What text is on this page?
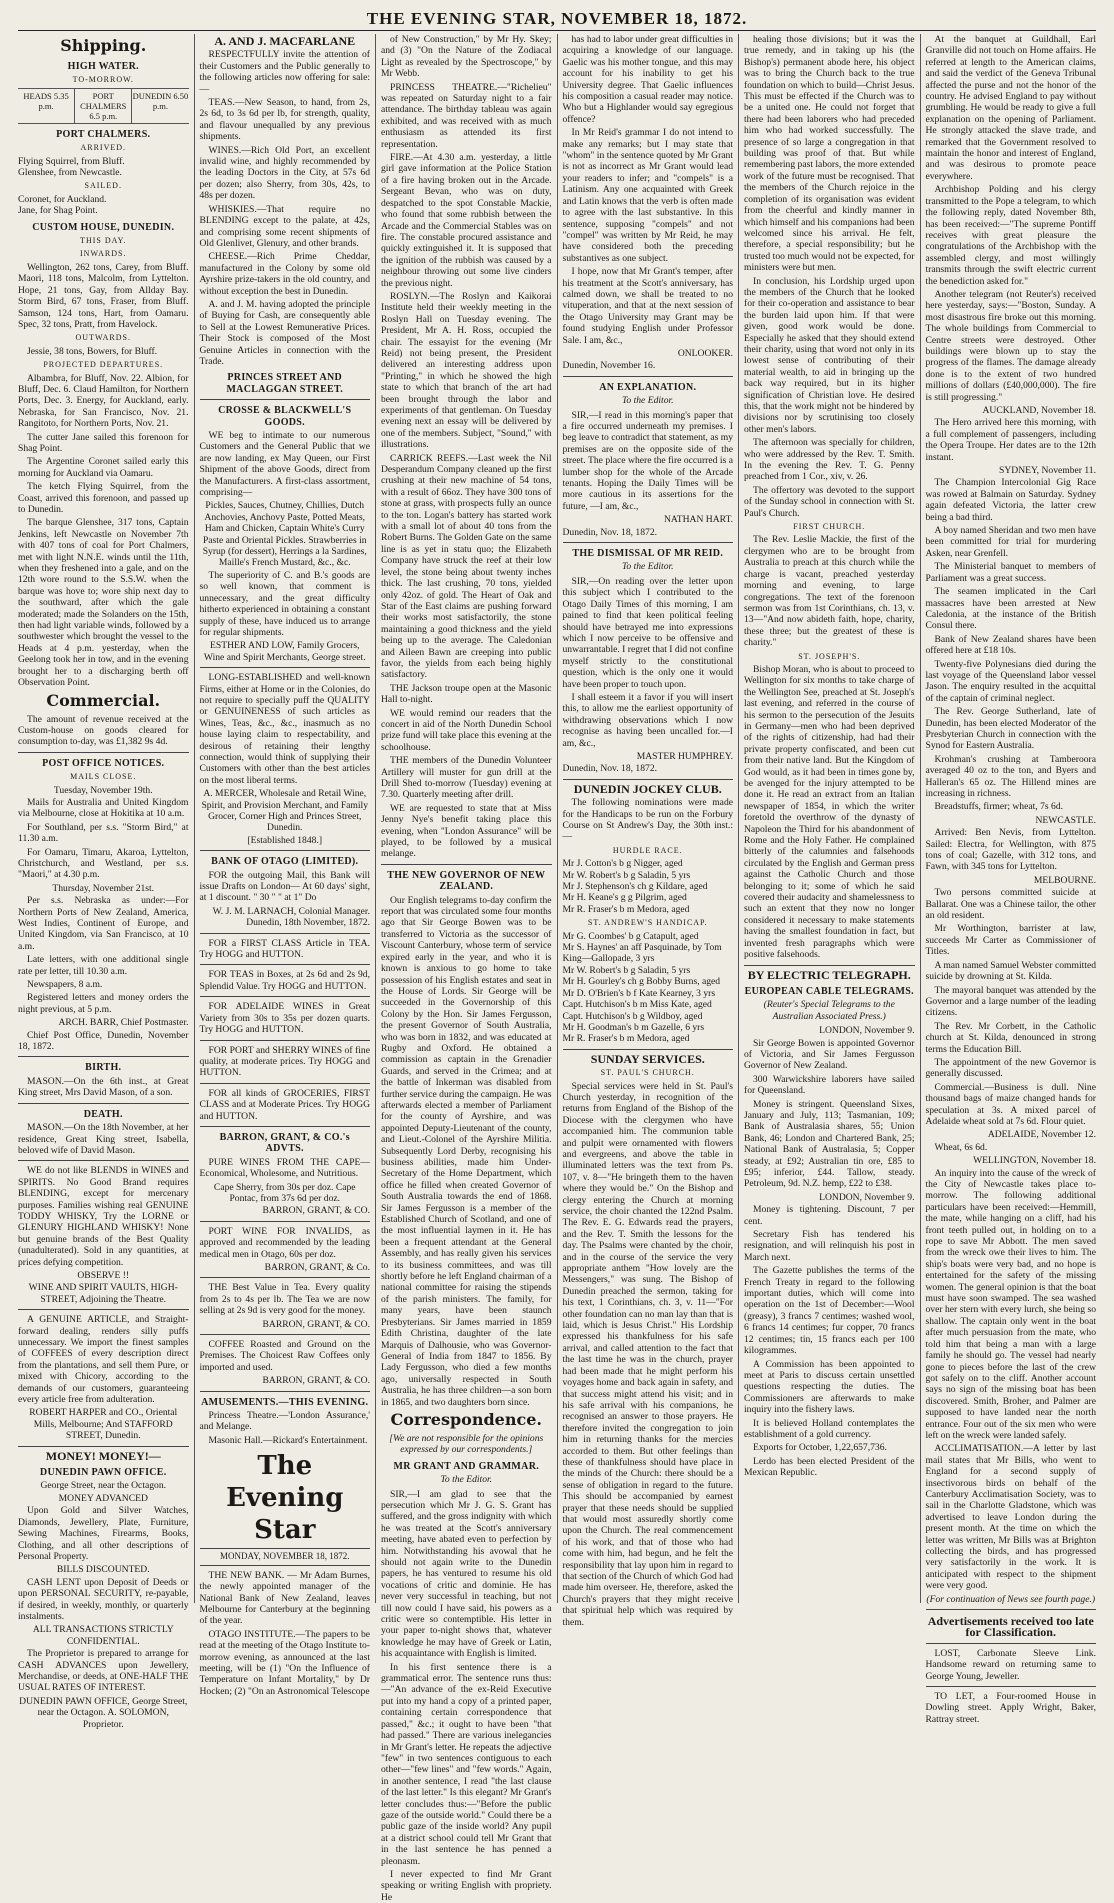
THE EVENING STAR, NOVEMBER 18, 1872.
Shipping.
HIGH WATER.
TO-MORROW.
HEADS 5.35 p.m.
PORT CHALMERS 6.5 p.m.
DUNEDIN 6.50 p.m.
PORT CHALMERS.
ARRIVED.
Flying Squirrel, from Bluff.
Glenshee, from Newcastle.
SAILED.
Coronet, for Auckland.
Jane, for Shag Point.
CUSTOM HOUSE, DUNEDIN.
THIS DAY.
INWARDS.

Wellington, 262 tons, Carey, from Bluff. Maori, 118 tons, Malcolm, from Lyttelton. Hope, 21 tons, Gay, from Allday Bay. Storm Bird, 67 tons, Fraser, from Bluff. Samson, 124 tons, Hart, from Oamaru. Spec, 32 tons, Pratt, from Havelock.

OUTWARDS.

Jessie, 38 tons, Bowers, for Bluff.

PROJECTED DEPARTURES.

Albambra, for Bluff, Nov. 22. Albion, for Bluff, Dec. 6. Claud Hamilton, for Northern Ports, Dec. 3. Energy, for Auckland, early. Nebraska, for San Francisco, Nov. 21. Rangitoto, for Northern Ports, Nov. 21.

The cutter Jane sailed this forenoon for Shag Point.

The Argentine Coronet sailed early this morning for Auckland via Oamaru.

The ketch Flying Squirrel, from the Coast, arrived this forenoon, and passed up to Dunedin.

The barque Glenshee, 317 tons, Captain Jenkins, left Newcastle on November 7th with 407 tons of coal for Port Chalmers, met with light N.N.E. winds until the 11th, when they freshened into a gale, and on the 12th wore round to the S.S.W. when the barque was hove to; wore ship next day to the southward, after which the gale moderated; made the Solanders on the 15th, then had light variable winds, followed by a southwester which brought the vessel to the Heads at 4 p.m. yesterday, when the Geelong took her in tow, and in the evening brought her to a discharging berth off Observation Point.

Commercial.

The amount of revenue received at the Custom-house on goods cleared for consumption to-day, was £1,382 9s 4d.

POST OFFICE NOTICES.
MAILS CLOSE.
Tuesday, November 19th.

Mails for Australia and United Kingdom via Melbourne, close at Hokitika at 10 a.m.

For Southland, per s.s. "Storm Bird," at 11.30 a.m.

For Oamaru, Timaru, Akaroa, Lyttelton, Christchurch, and Westland, per s.s. "Maori," at 4.30 p.m.

Thursday, November 21st.

Per s.s. Nebraska as under:—For Northern Ports of New Zealand, America, West Indies, Continent of Europe, and United Kingdom, via San Francisco, at 10 a.m.

Late letters, with one additional single rate per letter, till 10.30 a.m.

Newspapers, 8 a.m.

Registered letters and money orders the night previous, at 5 p.m.

ARCH. BARR, Chief Postmaster.

Chief Post Office, Dunedin, November 18, 1872.

BIRTH.

MASON.—On the 6th inst., at Great King street, Mrs David Mason, of a son.

DEATH.

MASON.—On the 18th November, at her residence, Great King street, Isabella, beloved wife of David Mason.

WE do not like BLENDS in WINES and SPIRITS. No Good Brand requires BLENDING, except for mercenary purposes. Families wishing real GENUINE TODDY WHISKY, Try the LORNE or GLENURY HIGHLAND WHISKY! None but genuine brands of the Best Quality (unadulterated). Sold in any quantities, at prices defying competition.

OBSERVE !!
WINE AND SPIRIT VAULTS, HIGH-STREET, Adjoining the Theatre.

A GENUINE ARTICLE, and Straight-forward dealing, renders silly puffs unnecessary. We import the finest samples of COFFEES of every description direct from the plantations, and sell them Pure, or mixed with Chicory, according to the demands of our customers, guaranteeing every article free from adulteration.

ROBERT HARPER and CO., Oriental Mills, Melbourne; And STAFFORD STREET, Dunedin.
MONEY! MONEY!—
DUNEDIN PAWN OFFICE.
George Street, near the Octagon.
MONEY ADVANCED

Upon Gold and Silver Watches, Diamonds, Jewellery, Plate, Furniture, Sewing Machines, Firearms, Books, Clothing, and all other descriptions of Personal Property.

BILLS DISCOUNTED.

CASH LENT upon Deposit of Deeds or upon PERSONAL SECURITY, re-payable, if desired, in weekly, monthly, or quarterly instalments.

ALL TRANSACTIONS STRICTLY CONFIDENTIAL.

The Proprietor is prepared to arrange for CASH ADVANCES upon Jewellery, Merchandise, or deeds, at ONE-HALF THE USUAL RATES OF INTEREST.

DUNEDIN PAWN OFFICE, George Street, near the Octagon. A. SOLOMON, Proprietor.
A. AND J. MACFARLANE

RESPECTFULLY invite the attention of their Customers and the Public generally to the following articles now offering for sale:—

TEAS.—New Season, to hand, from 2s, 2s 6d, to 3s 6d per lb, for strength, quality, and flavour unequalled by any previous shipments.

WINES.—Rich Old Port, an excellent invalid wine, and highly recommended by the leading Doctors in the City, at 57s 6d per dozen; also Sherry, from 30s, 42s, to 48s per dozen.

WHISKIES.—That require no BLENDING except to the palate, at 42s, and comprising some recent shipments of Old Glenlivet, Glenury, and other brands.

CHEESE.—Rich Prime Cheddar, manufactured in the Colony by some old Ayrshire prize-takers in the old country, and without exception the best in Dunedin.

A. and J. M. having adopted the principle of Buying for Cash, are consequently able to Sell at the Lowest Remunerative Prices. Their Stock is composed of the Most Genuine Articles in connection with the Trade.

PRINCES STREET AND MACLAGGAN STREET.
CROSSE & BLACKWELL'S GOODS.

WE beg to intimate to our numerous Customers and the General Public that we are now landing, ex May Queen, our First Shipment of the above Goods, direct from the Manufacturers. A first-class assortment, comprising—

Pickles, Sauces, Chutney, Chillies, Dutch Anchovies, Anchovy Paste, Potted Meats, Ham and Chicken, Captain White's Curry Paste and Oriental Pickles. Strawberries in Syrup (for dessert), Herrings a la Sardines, Maille's French Mustard, &c., &c.

The superiority of C. and B.'s goods are so well known, that comment is unnecessary, and the great difficulty hitherto experienced in obtaining a constant supply of these, have induced us to arrange for regular shipments.

ESTHER AND LOW, Family Grocers, Wine and Spirit Merchants, George street.

LONG-ESTABLISHED and well-known Firms, either at Home or in the Colonies, do not require to specially puff the QUALITY or GENUINENESS of such articles as Wines, Teas, &c., &c., inasmuch as no house laying claim to respectability, and desirous of retaining their lengthy connection, would think of supplying their Customers with other than the best articles on the most liberal terms.

A. MERCER, Wholesale and Retail Wine, Spirit, and Provision Merchant, and Family Grocer, Corner High and Princes Street, Dunedin.
[Established 1848.]
BANK OF OTAGO (LIMITED).

FOR the outgoing Mail, this Bank will issue Drafts on London— At 60 days' sight, at 1 discount. " 30 " " at 1" Do

W. J. M. LARNACH, Colonial Manager. Dunedin, 18th November, 1872.

FOR a FIRST CLASS Article in TEA. Try HOGG and HUTTON.

FOR TEAS in Boxes, at 2s 6d and 2s 9d, Splendid Value. Try HOGG and HUTTON.

FOR ADELAIDE WINES in Great Variety from 30s to 35s per dozen quarts. Try HOGG and HUTTON.

FOR PORT and SHERRY WINES of fine quality, at moderate prices. Try HOGG and HUTTON.

FOR all kinds of GROCERIES, FIRST CLASS and at Moderate Prices. Try HOGG and HUTTON.

BARRON, GRANT, & CO.'s ADVTS.

PURE WINES FROM THE CAPE—Economical, Wholesome, and Nutritious.

Cape Sherry, from 30s per doz. Cape Pontac, from 37s 6d per doz.
BARRON, GRANT, & CO.

PORT WINE FOR INVALIDS, as approved and recommended by the leading medical men in Otago, 60s per doz.

BARRON, GRANT, & Co.

THE Best Value in Tea. Every quality from 2s to 4s per lb. The Tea we are now selling at 2s 9d is very good for the money.

BARRON, GRANT, & CO.

COFFEE Roasted and Ground on the Premises. The Choicest Raw Coffees only imported and used.

BARRON, GRANT, & CO.
AMUSEMENTS.—THIS EVENING.

Princess Theatre.—'London Assurance,' and Melange.

Masonic Hall.—Rickard's Entertainment.

The Evening Star
MONDAY, NOVEMBER 18, 1872.

THE NEW BANK. — Mr Adam Burnes, the newly appointed manager of the National Bank of New Zealand, leaves Melbourne for Canterbury at the beginning of the year.

OTAGO INSTITUTE.—The papers to be read at the meeting of the Otago Institute to-morrow evening, as announced at the last meeting, will be (1) "On the Influence of Temperature on Infant Mortality," by Dr Hocken; (2) "On an Astronomical Telescope

of New Construction," by Mr Hy. Skey; and (3) "On the Nature of the Zodiacal Light as revealed by the Spectroscope," by Mr Webb.

PRINCESS THEATRE.—"Richelieu" was repeated on Saturday night to a fair attendance. The birthday tableau was again exhibited, and was received with as much enthusiasm as attended its first representation.

FIRE.—At 4.30 a.m. yesterday, a little girl gave information at the Police Station of a fire having broken out in the Arcade. Sergeant Bevan, who was on duty, despatched to the spot Constable Mackie, who found that some rubbish between the Arcade and the Commercial Stables was on fire. The constable procured assistance and quickly extinguished it. It is supposed that the ignition of the rubbish was caused by a neighbour throwing out some live cinders the previous night.

ROSLYN.—The Roslyn and Kaikorai Institute held their weekly meeting in the Roslyn Hall on Tuesday evening. The President, Mr A. H. Ross, occupied the chair. The essayist for the evening (Mr Reid) not being present, the President delivered an interesting address upon "Printing," in which he showed the high state to which that branch of the art had been brought through the labor and experiments of that gentleman. On Tuesday evening next an essay will be delivered by one of the members. Subject, "Sound," with illustrations.

CARRICK REEFS.—Last week the Nil Desperandum Company cleaned up the first crushing at their new machine of 54 tons, with a result of 66oz. They have 300 tons of stone at grass, with prospects fully an ounce to the ton. Logan's battery has started work with a small lot of about 40 tons from the Robert Burns. The Golden Gate on the same line is as yet in statu quo; the Elizabeth Company have struck the reef at their low level, the stone being about twenty inches thick. The last crushing, 70 tons, yielded only 42oz. of gold. The Heart of Oak and Star of the East claims are pushing forward their works most satisfactorily, the stone maintaining a good thickness and the yield being up to the average. The Caledonian and Aileen Bawn are creeping into public favor, the yields from each being highly satisfactory.

THE Jackson troupe open at the Masonic Hall to-night.

WE would remind our readers that the concert in aid of the North Dunedin School prize fund will take place this evening at the schoolhouse.

THE members of the Dunedin Volunteer Artillery will muster for gun drill at the Drill Shed to-morrow (Tuesday) evening at 7.30. Quarterly meeting after drill.

WE are requested to state that at Miss Jenny Nye's benefit taking place this evening, when "London Assurance" will be played, to be followed by a musical melange.

THE NEW GOVERNOR OF NEW ZEALAND.

Our English telegrams to-day confirm the report that was circulated some four months ago that Sir George Bowen was to be transferred to Victoria as the successor of Viscount Canterbury, whose term of service expired early in the year, and who it is known is anxious to go home to take possession of his English estates and seat in the House of Lords. Sir George will be succeeded in the Governorship of this Colony by the Hon. Sir James Fergusson, the present Governor of South Australia, who was born in 1832, and was educated at Rugby and Oxford. He obtained a commission as captain in the Grenadier Guards, and served in the Crimea; and at the battle of Inkerman was disabled from further service during the campaign. He was afterwards elected a member of Parliament for the county of Ayrshire, and was appointed Deputy-Lieutenant of the county, and Lieut.-Colonel of the Ayrshire Militia. Subsequently Lord Derby, recognising his business abilities, made him Under-Secretary of the Home Department, which office he filled when created Governor of South Australia towards the end of 1868. Sir James Fergusson is a member of the Established Church of Scotland, and one of the most influential laymen in it. He has been a frequent attendant at the General Assembly, and has really given his services to its business committees, and was till shortly before he left England chairman of a national committee for raising the stipends of the parish ministers. The family, for many years, have been staunch Presbyterians. Sir James married in 1859 Edith Christina, daughter of the late Marquis of Dalhousie, who was Governor-General of India from 1847 to 1856. By Lady Fergusson, who died a few months ago, universally respected in South Australia, he has three children—a son born in 1865, and two daughters born since.

Correspondence.
[We are not responsible for the opinions expressed by our correspondents.]
MR GRANT AND GRAMMAR.
To the Editor.

SIR,—I am glad to see that the persecution which Mr J. G. S. Grant has suffered, and the gross indignity with which he was treated at the Scott's anniversary meeting, have abated even to perfection by him. Notwithstanding his avowal that he should not again write to the Dunedin papers, he has ventured to resume his old vocations of critic and dominie. He has never very successful in teaching, but not till now could I have said, his powers as a critic were so contemptible. His letter in your paper to-night shows that, whatever knowledge he may have of Greek or Latin, his acquaintance with English is limited.

In his first sentence there is a grammatical error. The sentence runs thus:—"An advance of the ex-Reid Executive put into my hand a copy of a printed paper, containing certain correspondence that passed," &c.; it ought to have been "that had passed." There are various inelegancies in Mr Grant's letter. He repeats the adjective "few" in two sentences contiguous to each other—"few lines" and "few words." Again, in another sentence, I read "the last clause of the last letter." Is this elegant? Mr Grant's letter concludes thus:—"Before the public gaze of the outside world." Could there be a public gaze of the inside world? Any pupil at a district school could tell Mr Grant that in the last sentence he has penned a pleonasm.

I never expected to find Mr Grant speaking or writing English with propriety. He

has had to labor under great difficulties in acquiring a knowledge of our language. Gaelic was his mother tongue, and this may account for his inability to get his University degree. That Gaelic influences his composition a casual reader may notice. Who but a Highlander would say egregious offence?

In Mr Reid's grammar I do not intend to make any remarks; but I may state that "whom" in the sentence quoted by Mr Grant is not as incorrect as Mr Grant would lead your readers to infer; and "compels" is a Latinism. Any one acquainted with Greek and Latin knows that the verb is often made to agree with the last substantive. In this sentence, supposing "compels" and not "compel" was written by Mr Reid, he may have considered both the preceding substantives as one subject.

I hope, now that Mr Grant's temper, after his treatment at the Scott's anniversary, has calmed down, we shall be treated to no vituperation, and that at the next session of the Otago University may Grant may be found studying English under Professor Sale. I am, &c.,

ONLOOKER.
Dunedin, November 16.
AN EXPLANATION.
To the Editor.

SIR,—I read in this morning's paper that a fire occurred underneath my premises. I beg leave to contradict that statement, as my premises are on the opposite side of the street. The place where the fire occurred is a lumber shop for the whole of the Arcade tenants. Hoping the Daily Times will be more cautious in its assertions for the future, —I am, &c.,

NATHAN HART.
Dunedin, Nov. 18, 1872.
THE DISMISSAL OF MR REID.
To the Editor.

SIR,—On reading over the letter upon this subject which I contributed to the Otago Daily Times of this morning, I am pained to find that keen political feeling should have betrayed me into expressions which I now perceive to be offensive and unwarrantable. I regret that I did not confine myself strictly to the constitutional question, which is the only one it would have been proper to touch upon.

I shall esteem it a favor if you will insert this, to allow me the earliest opportunity of withdrawing observations which I now recognise as having been uncalled for.—I am, &c.,

MASTER HUMPHREY.
Dunedin, Nov. 18, 1872.
DUNEDIN JOCKEY CLUB.

The following nominations were made for the Handicaps to be run on the Forbury Course on St Andrew's Day, the 30th inst.:—

HURDLE RACE.
Mr J. Cotton's b g Nigger, aged
Mr W. Robert's b g Saladin, 5 yrs
Mr J. Stephenson's ch g Kildare, aged
Mr H. Keane's g g Pilgrim, aged
Mr R. Fraser's b m Medora, aged
ST. ANDREW'S HANDICAP.
Mr G. Coombes' b g Catapult, aged
Mr S. Haynes' an aff Pasquinade, by Tom King—Gallopade, 3 yrs
Mr W. Robert's b g Saladin, 5 yrs
Mr H. Gourley's ch g Bobby Burns, aged
Mr D. O'Brien's b f Kate Kearney, 3 yrs
Capt. Hutchison's b m Miss Kate, aged
Capt. Hutchison's b g Wildboy, aged
Mr H. Goodman's b m Gazelle, 6 yrs
Mr R. Fraser's b m Medora, aged
SUNDAY SERVICES.
ST. PAUL'S CHURCH.

Special services were held in St. Paul's Church yesterday, in recognition of the returns from England of the Bishop of the Diocese with the clergymen who have accompanied him. The communion table and pulpit were ornamented with flowers and evergreens, and above the table in illuminated letters was the text from Ps. 107, v. 8—"He bringeth them to the haven where they would be." On the Bishop and clergy entering the Church at morning service, the choir chanted the 122nd Psalm. The Rev. E. G. Edwards read the prayers, and the Rev. T. Smith the lessons for the day. The Psalms were chanted by the choir, and in the course of the service the very appropriate anthem "How lovely are the Messengers," was sung. The Bishop of Dunedin preached the sermon, taking for his text, 1 Corinthians, ch. 3, v. 11—"For other foundation can no man lay than that is laid, which is Jesus Christ." His Lordship expressed his thankfulness for his safe arrival, and called attention to the fact that the last time he was in the church, prayer had been made that he might perform his voyages home and back again in safety, and that success might attend his visit; and in his safe arrival with his companions, he recognised an answer to those prayers. He therefore invited the congregation to join him in returning thanks for the mercies accorded to them. But other feelings than these of thankfulness should have place in the minds of the Church: there should be a sense of obligation in regard to the future. This should be accompanied by earnest prayer that these needs should be supplied that would most assuredly shortly come upon the Church. The real commencement of his work, and that of those who had come with him, had begun, and he felt the responsibility that lay upon him in regard to that section of the Church of which God had made him overseer. He, therefore, asked the Church's prayers that they might receive that spiritual help which was required by them.

healing those divisions; but it was the true remedy, and in taking up his (the Bishop's) permanent abode here, his object was to bring the Church back to the true foundation on which to build—Christ Jesus. This must be effected if the Church was to be a united one. He could not forget that there had been laborers who had preceded him who had worked successfully. The presence of so large a congregation in that building was proof of that. But while remembering past labors, the more extended work of the future must be recognised. That the members of the Church rejoice in the completion of its organisation was evident from the cheerful and kindly manner in which himself and his companions had been welcomed since his arrival. He felt, therefore, a special responsibility; but he trusted too much would not be expected, for ministers were but men.

In conclusion, his Lordship urged upon the members of the Church that he looked for their co-operation and assistance to bear the burden laid upon him. If that were given, good work would be done. Especially he asked that they should extend their charity, using that word not only in its lowest sense of contributing of their material wealth, to aid in bringing up the back way required, but in its higher signification of Christian love. He desired this, that the work might not be hindered by divisions nor by scrutinising too closely other men's labors.

The afternoon was specially for children, who were addressed by the Rev. T. Smith. In the evening the Rev. T. G. Penny preached from 1 Cor., xiv, v. 26.

The offertory was devoted to the support of the Sunday school in connection with St. Paul's Church.

FIRST CHURCH.

The Rev. Leslie Mackie, the first of the clergymen who are to be brought from Australia to preach at this church while the charge is vacant, preached yesterday morning and evening, to large congregations. The text of the forenoon sermon was from 1st Corinthians, ch. 13, v. 13—"And now abideth faith, hope, charity, these three; but the greatest of these is charity."

ST. JOSEPH'S.

Bishop Moran, who is about to proceed to Wellington for six months to take charge of the Wellington See, preached at St. Joseph's last evening, and referred in the course of his sermon to the persecution of the Jesuits in Germany—men who had been deprived of the rights of citizenship, had had their private property confiscated, and been cut from their native land. But the Kingdom of God would, as it had been in times gone by, be avenged for the injury attempted to be done it. He read an extract from an Italian newspaper of 1854, in which the writer foretold the overthrow of the dynasty of Napoleon the Third for his abandonment of Rome and the Holy Father. He complained bitterly of the calumnies and falsehoods circulated by the English and German press against the Catholic Church and those belonging to it; some of which he said covered their audacity and shamelessness to such an extent that they now no longer considered it necessary to make statements having the smallest foundation in fact, but invented fresh paragraphs which were positive falsehoods.

BY ELECTRIC TELEGRAPH.
EUROPEAN CABLE TELEGRAMS.
(Reuter's Special Telegrams to the Australian Associated Press.)
LONDON, November 9.

Sir George Bowen is appointed Governor of Victoria, and Sir James Fergusson Governor of New Zealand.

300 Warwickshire laborers have sailed for Queensland.

Money is stringent. Queensland Sixes, January and July, 113; Tasmanian, 109; Bank of Australasia shares, 55; Union Bank, 46; London and Chartered Bank, 25; National Bank of Australasia, 5; Copper steady, at £92; Australian tin ore, £85 to £95; inferior, £44. Tallow, steady. Petroleum, 9d. N.Z. hemp, £22 to £38.

LONDON, November 9.

Money is tightening. Discount, 7 per cent.

Secretary Fish has tendered his resignation, and will relinquish his post in March next.

The Gazette publishes the terms of the French Treaty in regard to the following important duties, which will come into operation on the 1st of December:—Wool (greasy), 3 francs 7 centimes; washed wool, 6 francs 14 centimes; fur copper, 70 francs 12 centimes; tin, 15 francs each per 100 kilogrammes.

A Commission has been appointed to meet at Paris to discuss certain unsettled questions respecting the duties. The Commissioners are afterwards to make inquiry into the fishery laws.

It is believed Holland contemplates the establishment of a gold currency.

Exports for October, 1,22,657,736.

Lerdo has been elected President of the Mexican Republic.

At the banquet at Guildhall, Earl Granville did not touch on Home affairs. He referred at length to the American claims, and said the verdict of the Geneva Tribunal affected the purse and not the honor of the country. He advised England to pay without grumbling. He would be ready to give a full explanation on the opening of Parliament. He strongly attacked the slave trade, and remarked that the Government resolved to maintain the honor and interest of England, and was desirous to promote peace everywhere.

Archbishop Polding and his clergy transmitted to the Pope a telegram, to which the following reply, dated November 8th, has been received:—"The supreme Pontiff receives with great pleasure the congratulations of the Archbishop with the assembled clergy, and most willingly transmits through the swift electric current the benediction asked for."

Another telegram (not Reuter's) received here yesterday, says:—"Boston, Sunday. A most disastrous fire broke out this morning. The whole buildings from Commercial to Centre streets were destroyed. Other buildings were blown up to stay the progress of the flames. The damage already done is to the extent of two hundred millions of dollars (£40,000,000). The fire is still progressing."

AUCKLAND, November 18.

The Hero arrived here this morning, with a full complement of passengers, including the Opera Troupe. Her dates are to the 12th instant.

SYDNEY, November 11.

The Champion Intercolonial Gig Race was rowed at Balmain on Saturday. Sydney again defeated Victoria, the latter crew being a bad third.

A boy named Sheridan and two men have been committed for trial for murdering Asken, near Grenfell.

The Ministerial banquet to members of Parliament was a great success.

The seamen implicated in the Carl massacres have been arrested at New Caledonia, at the instance of the British Consul there.

Bank of New Zealand shares have been offered here at £18 10s.

Twenty-five Polynesians died during the last voyage of the Queensland labor vessel Jason. The enquiry resulted in the acquittal of the captain of criminal neglect.

The Rev. George Sutherland, late of Dunedin, has been elected Moderator of the Presbyterian Church in connection with the Synod for Eastern Australia.

Krohman's crushing at Tamberoora averaged 40 oz to the ton, and Byers and Halleran's 65 oz. The Hillend mines are increasing in richness.

Breadstuffs, firmer; wheat, 7s 6d.

NEWCASTLE.

Arrived: Ben Nevis, from Lyttelton. Sailed: Electra, for Wellington, with 875 tons of coal; Gazelle, with 312 tons, and Fawn, with 345 tons for Lyttelton.

MELBOURNE.

Two persons committed suicide at Ballarat. One was a Chinese tailor, the other an old resident.

Mr Worthington, barrister at law, succeeds Mr Carter as Commissioner of Titles.

A man named Samuel Webster committed suicide by drowning at St. Kilda.

The mayoral banquet was attended by the Governor and a large number of the leading citizens.

The Rev. Mr Corbett, in the Catholic church at St. Kilda, denounced in strong terms the Education Bill.

The appointment of the new Governor is generally discussed.

Commercial.—Business is dull. Nine thousand bags of maize changed hands for speculation at 3s. A mixed parcel of Adelaide wheat sold at 7s 6d. Flour quiet.

ADELAIDE, November 12.

Wheat, 6s 6d.

WELLINGTON, November 18.

An inquiry into the cause of the wreck of the City of Newcastle takes place to-morrow. The following additional particulars have been received:—Hemmill, the mate, while hanging on a cliff, had his front teeth pulled out, in holding on to a rope to save Mr Abbott. The men saved from the wreck owe their lives to him. The ship's boats were very bad, and no hope is entertained for the safety of the missing women. The general opinion is that the boat must have soon swamped. The sea washed over her stern with every lurch, she being so shallow. The captain only went in the boat after much persuasion from the mate, who told him that being a man with a large family he should go. The vessel had nearly gone to pieces before the last of the crew got safely on to the cliff. Another account says no sign of the missing boat has been discovered. Smith, Broher, and Palmer are supposed to have landed near the north entrance. Four out of the six men who were left on the wreck were landed safely.

ACCLIMATISATION.—A letter by last mail states that Mr Bills, who went to England for a second supply of insectivorous birds on behalf of the Canterbury Acclimatisation Society, was to sail in the Charlotte Gladstone, which was advertised to leave London during the present month. At the time on which the letter was written, Mr Bills was at Brighton collecting the birds, and has progressed very satisfactorily in the work. It is anticipated with respect to the shipment were very good.

(For continuation of News see fourth page.)
Advertisements received too late for Classification.

LOST, Carbonate Sleeve Link. Handsome reward on returning same to George Young, Jeweller.

TO LET, a Four-roomed House in Dowling street. Apply Wright, Baker, Rattray street.
